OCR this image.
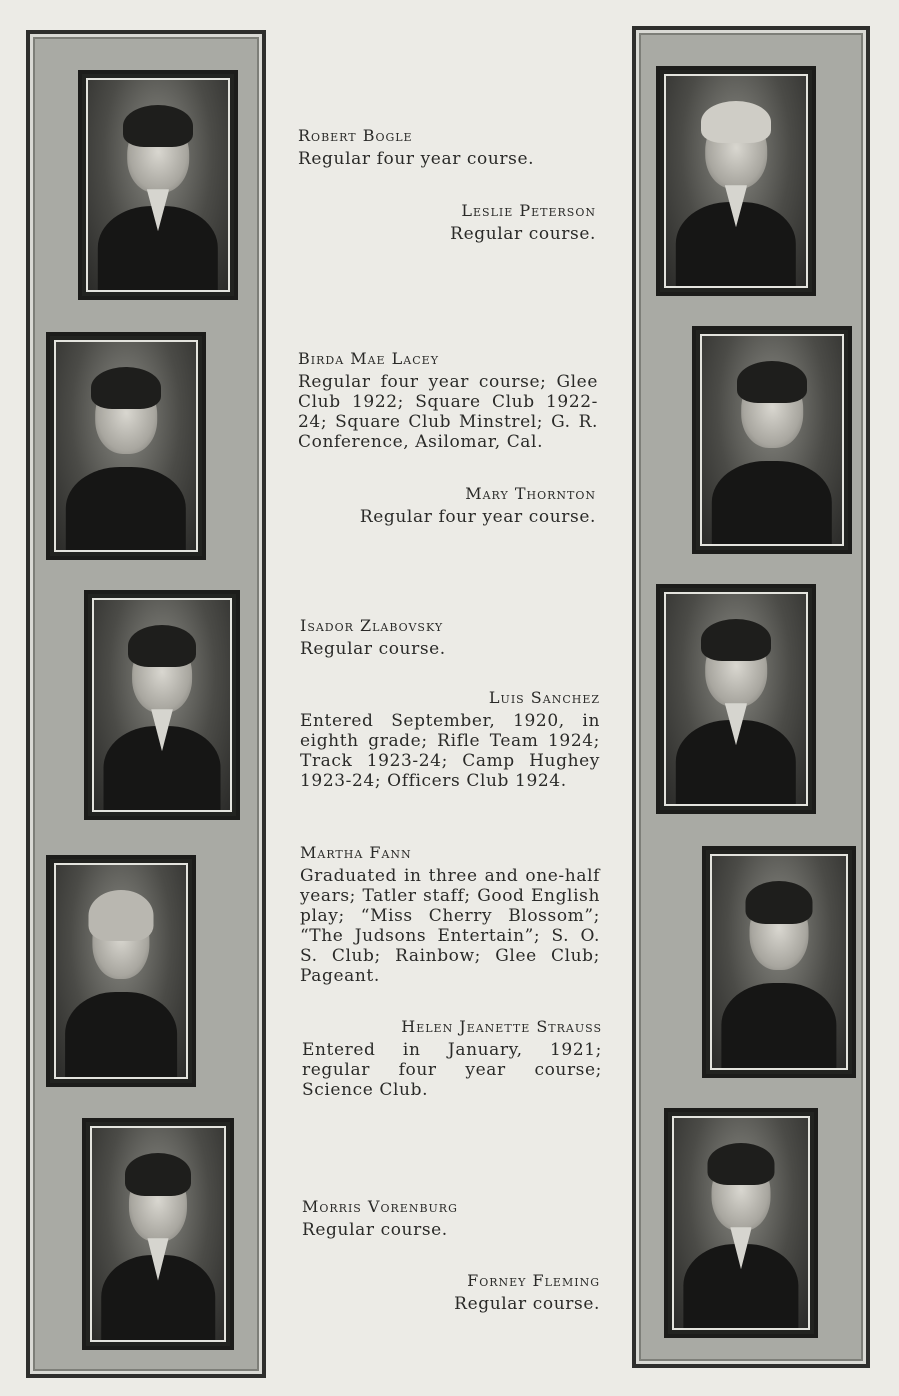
Robert Bogle

Regular four year course.

Leslie Peterson

Regular course.

Birda Mae Lacey

Regular four year course; Glee Club 1922; Square Club 1922-24; Square Club Minstrel; G. R. Conference, Asilomar, Cal.

Mary Thornton

Regular four year course.

Isador Zlabovsky

Regular course.

Luis Sanchez

Entered September, 1920, in eighth grade; Rifle Team 1924; Track 1923-24; Camp Hughey 1923-24; Officers Club 1924.

Martha Fann

Graduated in three and one-half years; Tatler staff; Good English play; “Miss Cherry Blossom”; “The Judsons Entertain”; S. O. S. Club; Rainbow; Glee Club; Pageant.

Helen Jeanette Strauss

Entered in January, 1921; regular four year course; Science Club.

Morris Vorenburg

Regular course.

Forney Fleming

Regular course.
